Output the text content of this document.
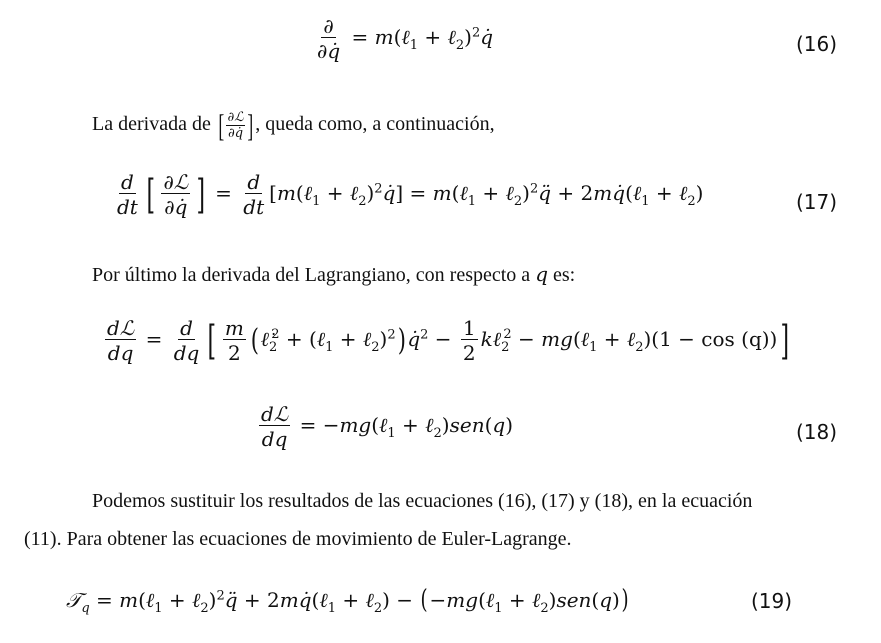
$\frac{\partial}{\partial q̇}$ = m(ℓ$_1$ + ℓ$_2$)$^2$q̇	(16)
La derivada de [ $\frac{\text{∂ℒ}}{\partial q̇}$ ] , queda como, a continuación,
$\frac{d}{dt}$ [ $\frac{\text{∂ℒ}}{\partial q̇}$ ] = $\frac{d}{dt}$ [m(ℓ$_1$ + ℓ$_2$)$^2$q̇] = m(ℓ$_1$ + ℓ$_2$)$^2$q̈ + 2mq̇(ℓ$_1$ + ℓ$_2$)	(17)
Por último la derivada del Lagrangiano, con respecto a q es:
$\frac{\text{dℒ}}{dq} = \frac{d}{dq}$ [ $\frac{m}{2}$ ($\ell̇_2^2$ + (ℓ$_1$ + ℓ$_2$)$^2$)q̇$^2$ − $\frac{1}{2}$ kℓ$_2^2$ − mg(ℓ$_1$ + ℓ$_2$)(1 − cos (q))]
$\frac{\text{dℒ}}{dq}$ = −mg(ℓ$_1$ + ℓ$_2$)sen(q)	(18)
Podemos sustituir los resultados de las ecuaciones (16), (17) y (18), en la ecuación
(11). Para obtener las ecuaciones de movimiento de Euler-Lagrange.
𝒯$_q$ = m(ℓ$_1$ + ℓ$_2$)$^2$q̈ + 2mq̇(ℓ$_1$ + ℓ$_2$) − (−mg(ℓ$_1$ + ℓ$_2$)sen(q))	(19)
